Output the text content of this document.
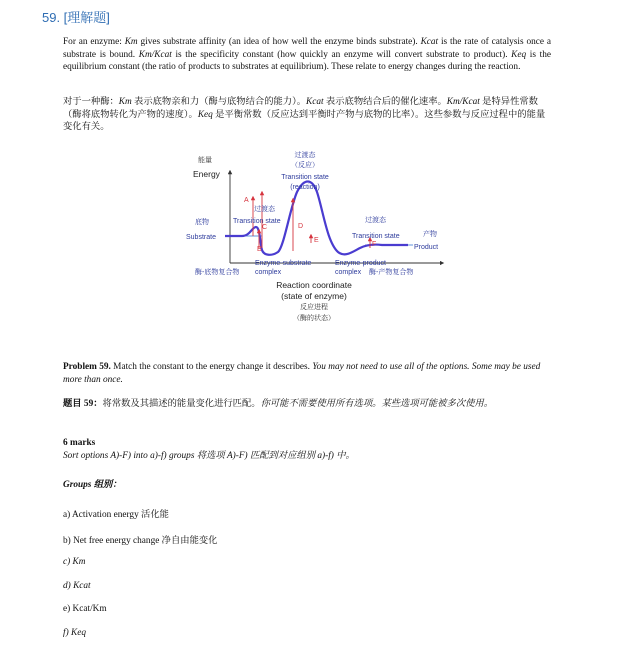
59. [理解题]
For an enzyme: Km gives substrate affinity (an idea of how well the enzyme binds substrate). Kcat is the rate of catalysis once a substrate is bound. Km/Kcat is the specificity constant (how quickly an enzyme will convert substrate to product). Keq is the equilibrium constant (the ratio of products to substrates at equilibrium). These relate to energy changes during the reaction.
对于一种酶：Km 表示底物亲和力（酶与底物结合的能力）。Kcat 表示底物结合后的催化速率。Km/Kcat 是特异性常数（酶将底物转化为产物的速度）。Keq 是平衡常数（反应达到平衡时产物与底物的比率）。这些参数与反应过程中的能量变化有关。
A
C
B
D
E
F
能量
Energy
过渡态
（反应）
Transition state
(reaction)
过渡态
Transition state	过渡态
Transition state
底物
Substrate	产物
Product
Enzyme-substrate
complex
酶-底物复合物
Enzyme-product
complex 酶-产物复合物
Reaction coordinate
(state of enzyme)
反应进程
（酶的状态）
Problem 59. Match the constant to the energy change it describes. You may not need to use all of the options. Some may be used more than once.
题目 59：将常数及其描述的能量变化进行匹配。你可能不需要使用所有选项。某些选项可能被多次使用。
6 marks
Sort options A)-F) into a)-f) groups 将选项 A)-F) 匹配到对应组别 a)-f) 中。
Groups 组别：
a) Activation energy 活化能
b) Net free energy change 净自由能变化
c) Km
d) Kcat
e) Kcat/Km
f) Keq
